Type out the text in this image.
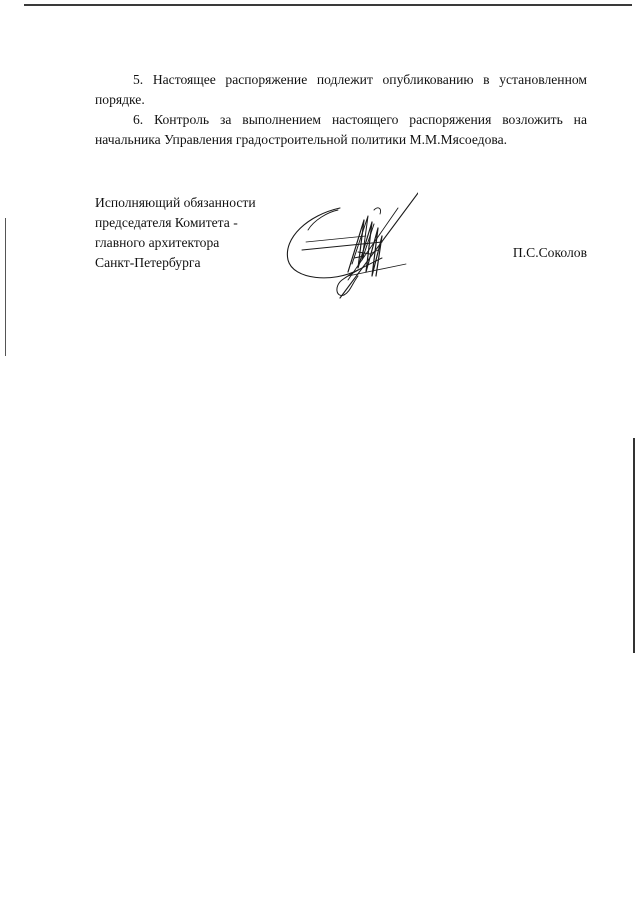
5. Настоящее распоряжение подлежит опубликованию в установленном порядке.

6. Контроль за выполнением настоящего распоряжения возложить на начальника Управления градостроительной политики М.М.Мясоедова.

Исполняющий обязанности
председателя Комитета -
главного архитектора
Санкт-Петербурга
П.С.Соколов
